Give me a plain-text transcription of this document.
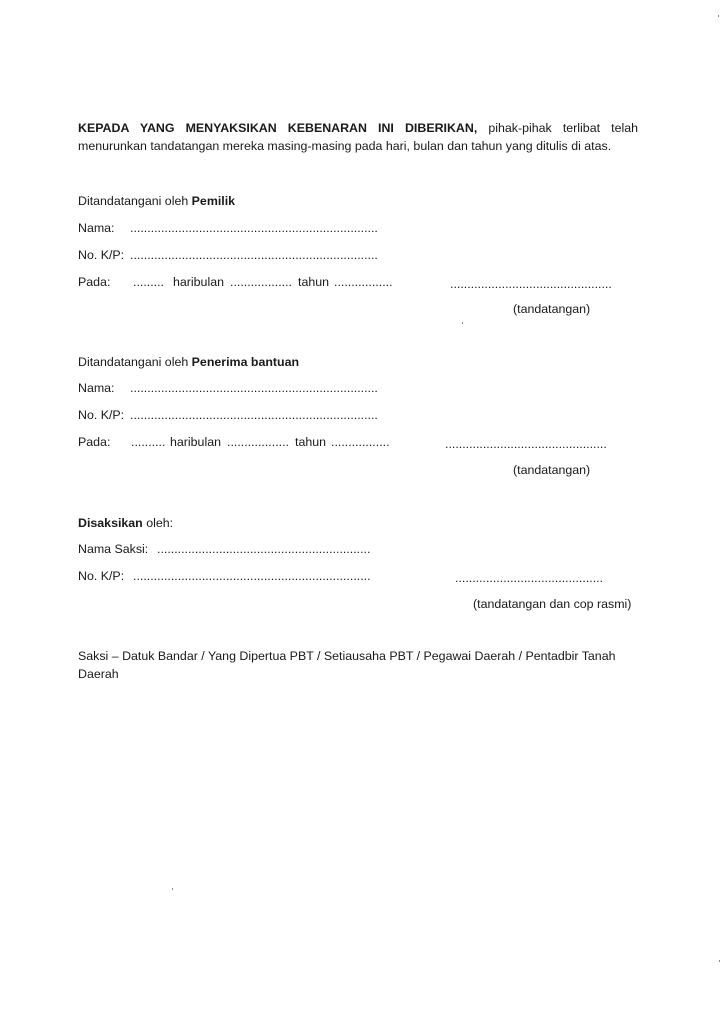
KEPADA YANG MENYAKSIKAN KEBENARAN INI DIBERIKAN, pihak-pihak terlibat telah menurunkan tandatangan mereka masing-masing pada hari, bulan dan tahun yang ditulis di atas.
Ditandatangani oleh Pemilik
Nama: ........................................................................
No. K/P: ........................................................................
Pada: ......... haribulan .................. tahun .................	...............................................
(tandatangan)
Ditandatangani oleh Penerima bantuan
Nama: ........................................................................
No. K/P: ........................................................................
Pada: .......... haribulan .................. tahun .................	...............................................
(tandatangan)
Disaksikan oleh:
Nama Saksi: ..............................................................
No. K/P: .....................................................................	...........................................
(tandatangan dan cop rasmi)
Saksi – Datuk Bandar / Yang Dipertua PBT / Setiausaha PBT / Pegawai Daerah / Pentadbir Tanah
Daerah
